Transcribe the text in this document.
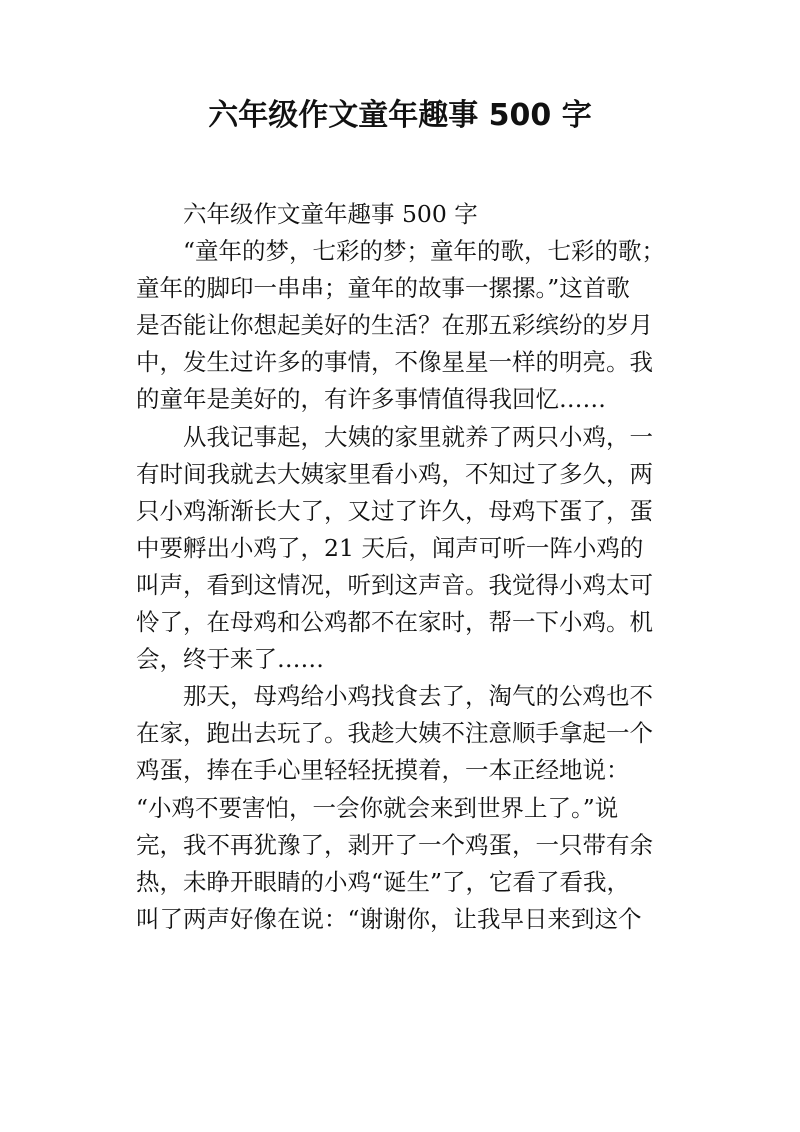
六年级作文童年趣事 500 字
六年级作文童年趣事 500 字
“童年的梦，七彩的梦；童年的歌，七彩的歌；
童年的脚印一串串；童年的故事一摞摞。”这首歌
是否能让你想起美好的生活？在那五彩缤纷的岁月
中，发生过许多的事情，不像星星一样的明亮。我
的童年是美好的，有许多事情值得我回忆……
从我记事起，大姨的家里就养了两只小鸡，一
有时间我就去大姨家里看小鸡，不知过了多久，两
只小鸡渐渐长大了，又过了许久，母鸡下蛋了，蛋
中要孵出小鸡了，21 天后，闻声可听一阵小鸡的
叫声，看到这情况，听到这声音。我觉得小鸡太可
怜了，在母鸡和公鸡都不在家时，帮一下小鸡。机
会，终于来了……
那天，母鸡给小鸡找食去了，淘气的公鸡也不
在家，跑出去玩了。我趁大姨不注意顺手拿起一个
鸡蛋，捧在手心里轻轻抚摸着，一本正经地说：
“小鸡不要害怕，一会你就会来到世界上了。”说
完，我不再犹豫了，剥开了一个鸡蛋，一只带有余
热，未睁开眼睛的小鸡“诞生”了，它看了看我，
叫了两声好像在说：“谢谢你，让我早日来到这个
